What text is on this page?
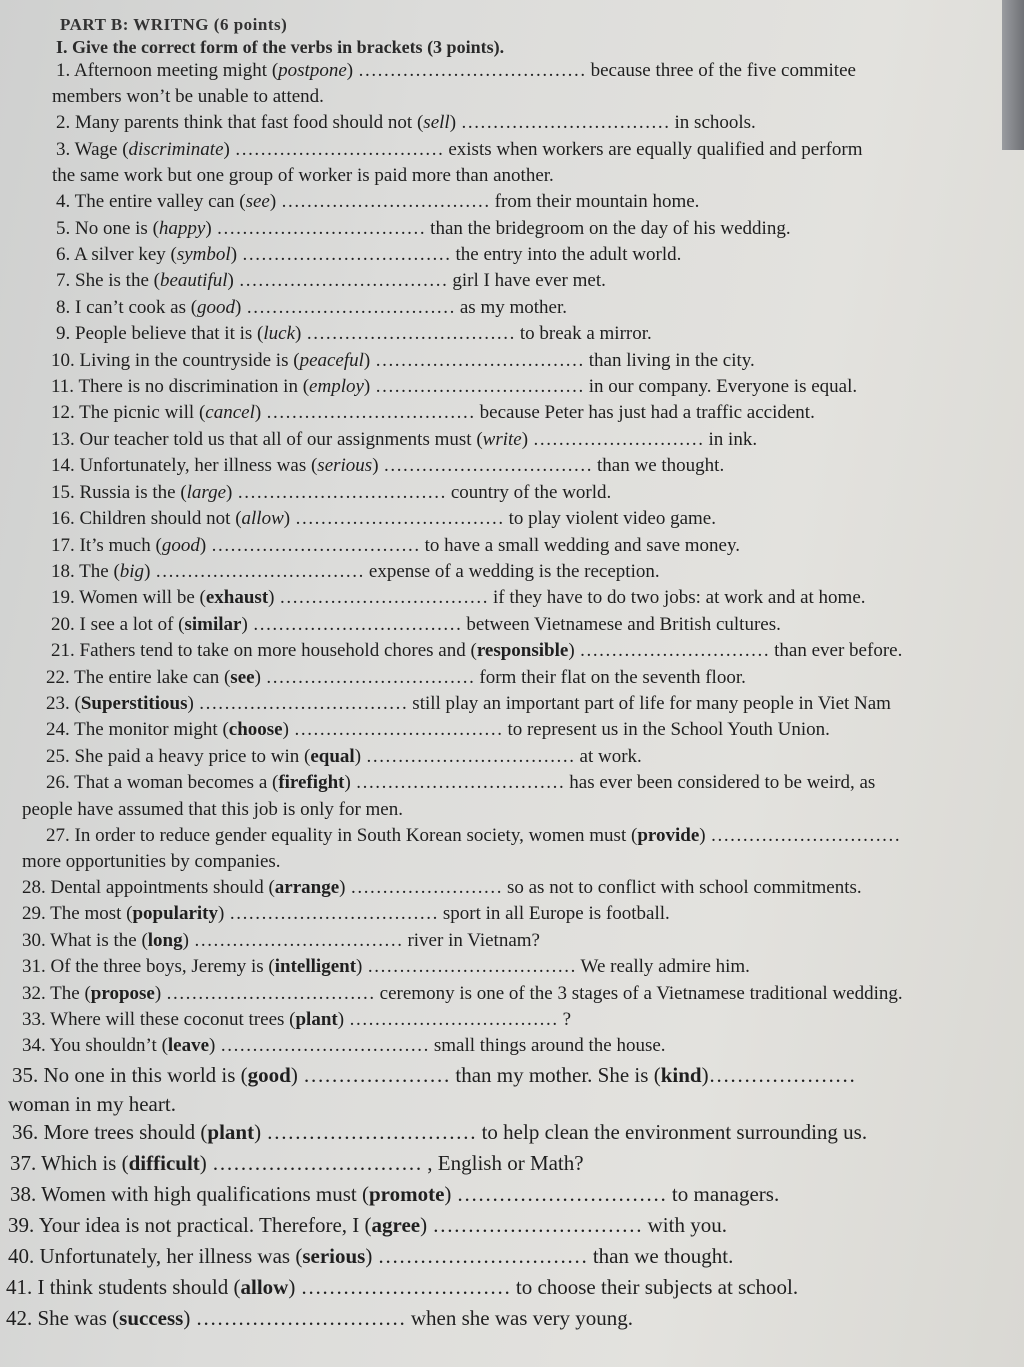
PART B: WRITNG (6 points)
I. Give the correct form of the verbs in brackets (3 points).
1. Afternoon meeting might (postpone) ……………………………… because three of the five commitee
members won’t be unable to attend.
2. Many parents think that fast food should not (sell) …………………………… in schools.
3. Wage (discriminate) …………………………… exists when workers are equally qualified and perform
the same work but one group of worker is paid more than another.
4. The entire valley can (see) …………………………… from their mountain home.
5. No one is (happy) …………………………… than the bridegroom on the day of his wedding.
6. A silver key (symbol) …………………………… the entry into the adult world.
7. She is the (beautiful) …………………………… girl I have ever met.
8. I can’t cook as (good) …………………………… as my mother.
9. People believe that it is (luck) …………………………… to break a mirror.
10. Living in the countryside is (peaceful) …………………………… than living in the city.
11. There is no discrimination in (employ) …………………………… in our company. Everyone is equal.
12. The picnic will (cancel) …………………………… because Peter has just had a traffic accident.
13. Our teacher told us that all of our assignments must (write) ……………………… in ink.
14. Unfortunately, her illness was (serious) …………………………… than we thought.
15. Russia is the (large) …………………………… country of the world.
16. Children should not (allow) …………………………… to play violent video game.
17. It’s much (good) …………………………… to have a small wedding and save money.
18. The (big) …………………………… expense of a wedding is the reception.
19. Women will be (exhaust) …………………………… if they have to do two jobs: at work and at home.
20. I see a lot of (similar) …………………………… between Vietnamese and British cultures.
21. Fathers tend to take on more household chores and (responsible) ………………………… than ever before.
22. The entire lake can (see) …………………………… form their flat on the seventh floor.
23. (Superstitious) …………………………… still play an important part of life for many people in Viet Nam
24. The monitor might (choose) …………………………… to represent us in the School Youth Union.
25. She paid a heavy price to win (equal) …………………………… at work.
26. That a woman becomes a (firefight) …………………………… has ever been considered to be weird, as
people have assumed that this job is only for men.
27. In order to reduce gender equality in South Korean society, women must (provide) …………………………
more opportunities by companies.
28. Dental appointments should (arrange) …………………… so as not to conflict with school commitments.
29. The most (popularity) …………………………… sport in all Europe is football.
30. What is the (long) …………………………… river in Vietnam?
31. Of the three boys, Jeremy is (intelligent) …………………………… We really admire him.
32. The (propose) …………………………… ceremony is one of the 3 stages of a Vietnamese traditional wedding.
33. Where will these coconut trees (plant) …………………………… ?
34. You shouldn’t (leave) …………………………… small things around the house.
35. No one in this world is (good) ………………… than my mother. She is (kind)…………………
woman in my heart.
36. More trees should (plant) ………………………… to help clean the environment surrounding us.
37. Which is (difficult) ………………………… , English or Math?
38. Women with high qualifications must (promote) ………………………… to managers.
39. Your idea is not practical. Therefore, I (agree) ………………………… with you.
40. Unfortunately, her illness was (serious) ………………………… than we thought.
41. I think students should (allow) ………………………… to choose their subjects at school.
42. She was (success) ………………………… when she was very young.
